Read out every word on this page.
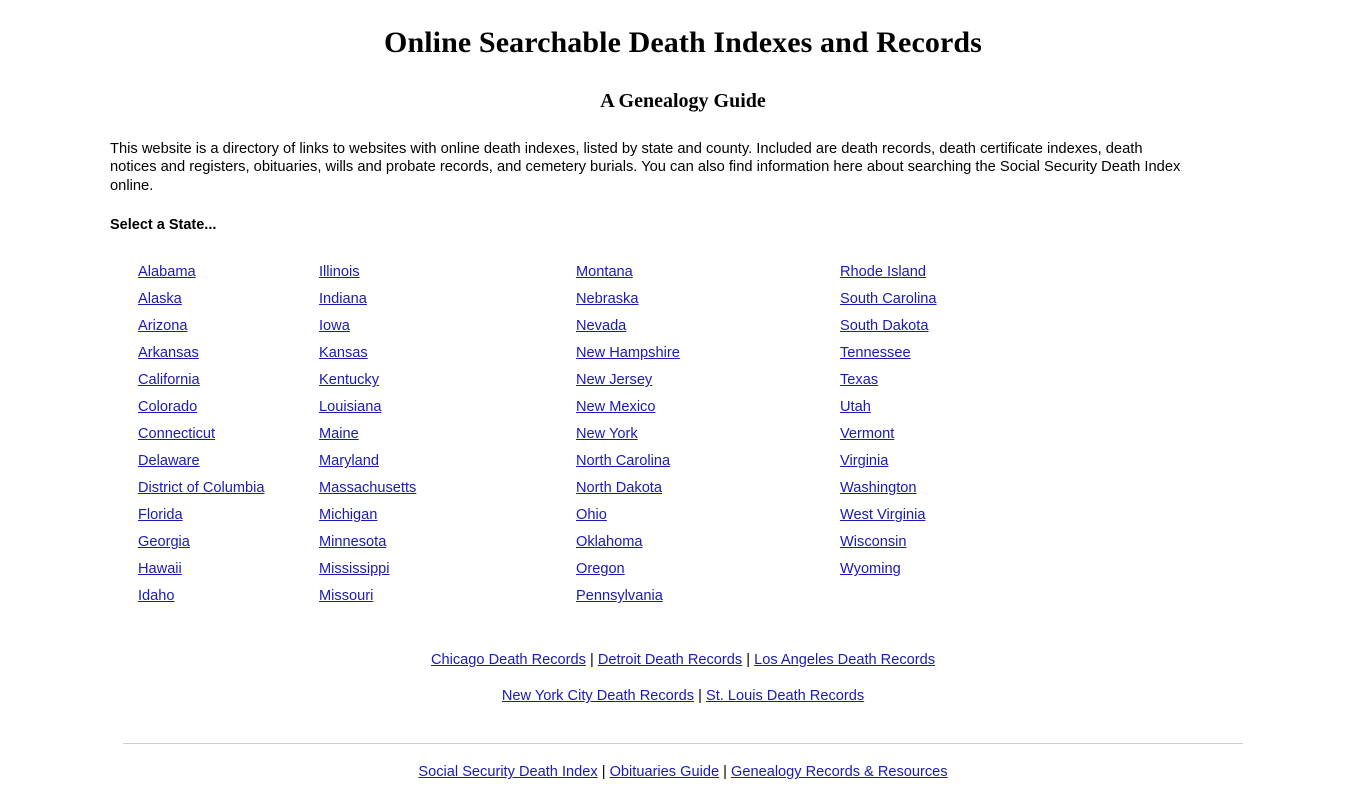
Online Searchable Death Indexes and Records
A Genealogy Guide

This website is a directory of links to websites with online death indexes, listed by state and county. Included are death records, death certificate indexes, death notices and registers, obituaries, wills and probate records, and cemetery burials. You can also find information here about searching the Social Security Death Index online.

Select a State...
Alabama
Alaska
Arizona
Arkansas
California
Colorado
Connecticut
Delaware
District of Columbia
Florida
Georgia
Hawaii
Idaho
Illinois
Indiana
Iowa
Kansas
Kentucky
Louisiana
Maine
Maryland
Massachusetts
Michigan
Minnesota
Mississippi
Missouri
Montana
Nebraska
Nevada
New Hampshire
New Jersey
New Mexico
New York
North Carolina
North Dakota
Ohio
Oklahoma
Oregon
Pennsylvania
Rhode Island
South Carolina
South Dakota
Tennessee
Texas
Utah
Vermont
Virginia
Washington
West Virginia
Wisconsin
Wyoming
Chicago Death Records | Detroit Death Records | Los Angeles Death Records
New York City Death Records | St. Louis Death Records
Social Security Death Index | Obituaries Guide | Genealogy Records & Resources
